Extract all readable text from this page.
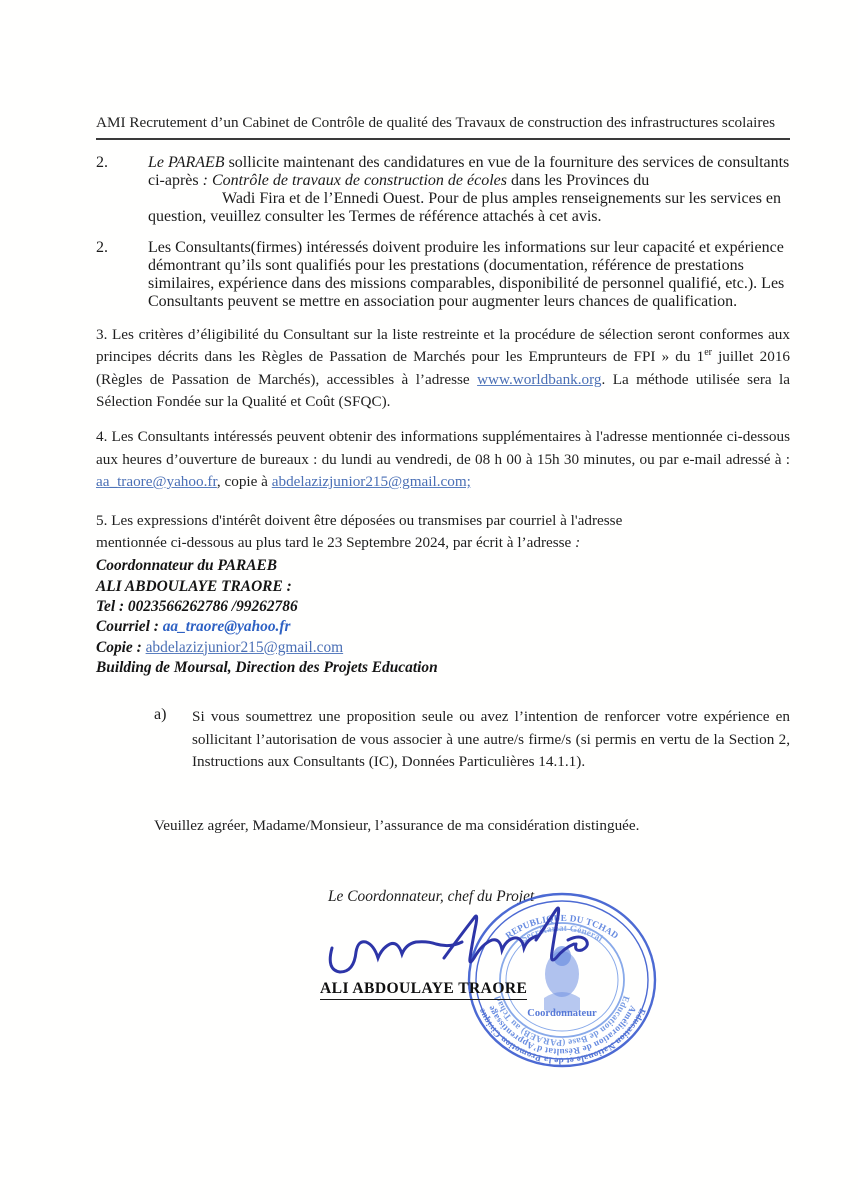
AMI Recrutement d’un Cabinet de Contrôle de qualité des Travaux de construction des infrastructures scolaires
2.	Le PARAEB sollicite maintenant des candidatures en vue de la fourniture des services de consultants ci-après : Contrôle de travaux de construction de écoles dans les Provinces du
Wadi Fira et de l’Ennedi Ouest. Pour de plus amples renseignements sur les services en question, veuillez consulter les Termes de référence attachés à cet avis.
2.	Les Consultants(firmes) intéressés doivent produire les informations sur leur capacité et expérience démontrant qu’ils sont qualifiés pour les prestations (documentation, référence de prestations similaires, expérience dans des missions comparables, disponibilité de personnel qualifié, etc.). Les Consultants peuvent se mettre en association pour augmenter leurs chances de qualification.

3. Les critères d’éligibilité du Consultant sur la liste restreinte et la procédure de sélection seront conformes aux principes décrits dans les Règles de Passation de Marchés pour les Emprunteurs de FPI » du 1er juillet 2016 (Règles de Passation de Marchés), accessibles à l’adresse www.worldbank.org. La méthode utilisée sera la Sélection Fondée sur la Qualité et Coût (SFQC).

4. Les Consultants intéressés peuvent obtenir des informations supplémentaires à l'adresse mentionnée ci-dessous aux heures d’ouverture de bureaux : du lundi au vendredi, de 08 h 00 à 15h 30 minutes, ou par e-mail adressé à : aa_traore@yahoo.fr, copie à abdelazizjunior215@gmail.com;

5. Les expressions d'intérêt doivent être déposées ou transmises par courriel à l'adresse
mentionnée ci-dessous au plus tard le 23 Septembre 2024, par écrit à l’adresse :

Coordonnateur du PARAEB
ALI ABDOULAYE TRAORE :
Tel : 0023566262786 /99262786
Courriel : aa_traore@yahoo.fr
Copie : abdelazizjunior215@gmail.com
Building de Moursal, Direction des Projets Education
a)	Si vous soumettrez une proposition seule ou avez l’intention de renforcer votre expérience en sollicitant l’autorisation de vous associer à une autre/s firme/s (si permis en vertu de la Section 2, Instructions aux Consultants (IC), Données Particulières 14.1.1).

Veuillez agréer, Madame/Monsieur, l’assurance de ma considération distinguée.

Le Coordonnateur, chef du Projet
REPUBLIQUE DU TCHAD
Secrétariat Général
Education Nationale et de la Promotion Civique	Amélioration de Résultat d’Apprentissage
Education de Base (PARAEB) au Tchad
Coordonnateur
ALI ABDOULAYE TRAORE
